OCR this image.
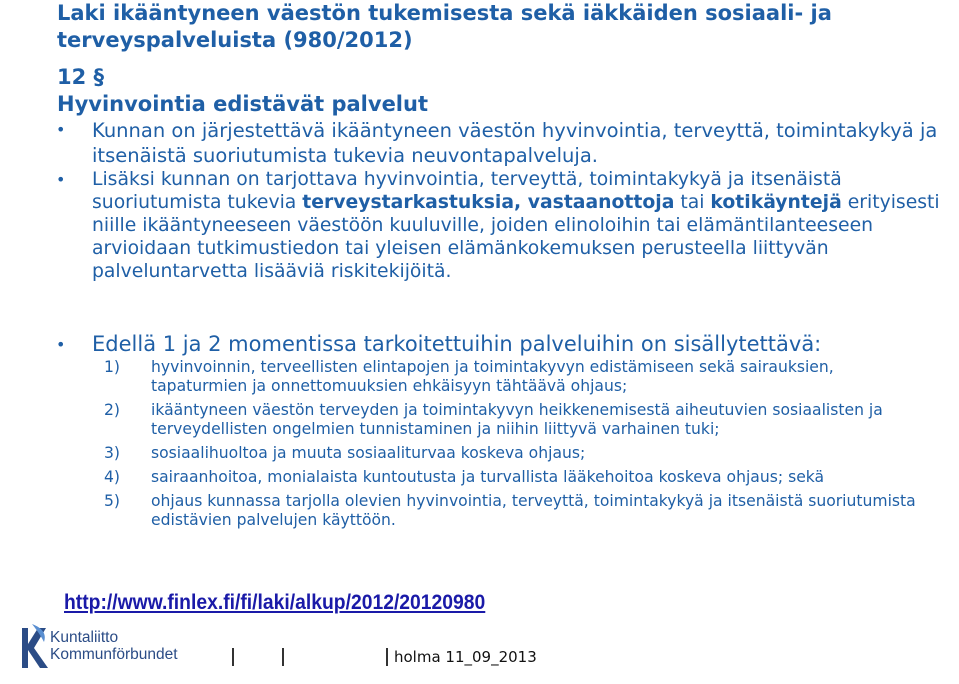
Laki ikääntyneen väestön tukemisesta sekä iäkkäiden sosiaali- ja terveyspalveluista (980/2012)
12 §
Hyvinvointia edistävät palvelut
• Kunnan on järjestettävä ikääntyneen väestön hyvinvointia, terveyttä, toimintakykyä ja itsenäistä suoriutumista tukevia neuvontapalveluja.
• Lisäksi kunnan on tarjottava hyvinvointia, terveyttä, toimintakykyä ja itsenäistä suoriutumista tukevia terveystarkastuksia, vastaanottoja tai kotikäyntejä erityisesti niille ikääntyneeseen väestöön kuuluville, joiden elinoloihin tai elämäntilanteeseen arvioidaan tutkimustiedon tai yleisen elämänkokemuksen perusteella liittyvän palveluntarvetta lisääviä riskitekijöitä.
• Edellä 1 ja 2 momentissa tarkoitettuihin palveluihin on sisällytettävä:
1)	hyvinvoinnin, terveellisten elintapojen ja toimintakyvyn edistämiseen sekä sairauksien, tapaturmien ja onnettomuuksien ehkäisyyn tähtäävä ohjaus;
2)	ikääntyneen väestön terveyden ja toimintakyvyn heikkenemisestä aiheutuvien sosiaalisten ja terveydellisten ongelmien tunnistaminen ja niihin liittyvä varhainen tuki;
3)	sosiaalihuoltoa ja muuta sosiaaliturvaa koskeva ohjaus;
4)	sairaanhoitoa, monialaista kuntoutusta ja turvallista lääkehoitoa koskeva ohjaus; sekä
5)	ohjaus kunnassa tarjolla olevien hyvinvointia, terveyttä, toimintakykyä ja itsenäistä suoriutumista edistävien palvelujen käyttöön.
http://www.finlex.fi/fi/laki/alkup/2012/20120980
Kuntaliitto
Kommunförbundet	holma 11_09_2013
